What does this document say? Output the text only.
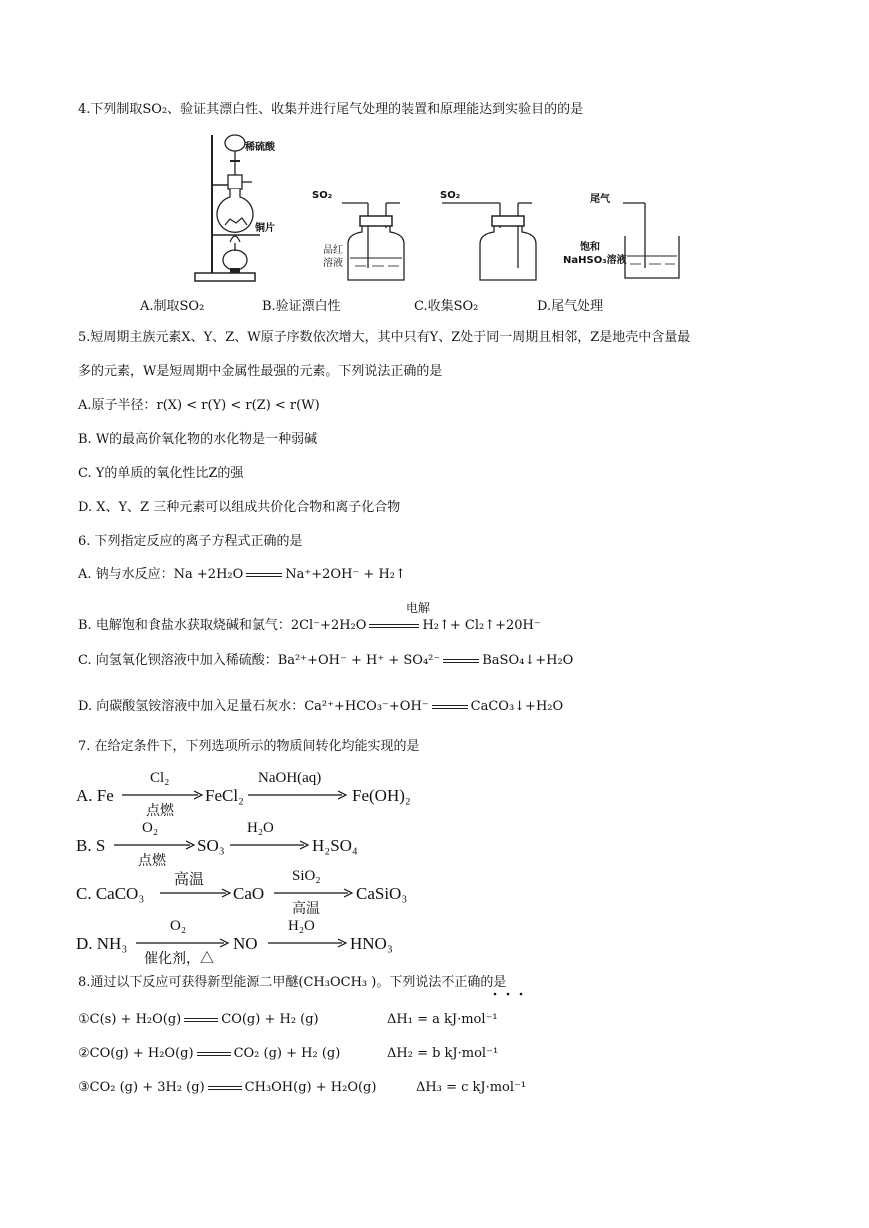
4.下列制取SO₂、验证其漂白性、收集并进行尾气处理的装置和原理能达到实验目的的是
稀硫酸
铜片
SO₂
品红
溶液
SO₂	尾气
饱和
NaHSO₃溶液
A.制取SO₂	B.验证漂白性	C.收集SO₂	D.尾气处理
5.短周期主族元素X、Y、Z、W原子序数依次增大，其中只有Y、Z处于同一周期且相邻，Z是地壳中含量最
多的元素，W是短周期中金属性最强的元素。下列说法正确的是
A.原子半径：r(X) < r(Y) < r(Z) < r(W)
B. W的最高价氧化物的水化物是一种弱碱
C. Y的单质的氧化性比Z的强
D. X、Y、Z 三种元素可以组成共价化合物和离子化合物
6. 下列指定反应的离子方程式正确的是
A. 钠与水反应：Na +2H₂O	Na⁺+2OH⁻ + H₂↑
电解
B. 电解饱和食盐水获取烧碱和氯气：2Cl⁻+2H₂O	H₂↑+ Cl₂↑+20H⁻
C. 向氢氧化钡溶液中加入稀硫酸：Ba²⁺+OH⁻ + H⁺ + SO₄²⁻	BaSO₄↓+H₂O
D. 向碳酸氢铵溶液中加入足量石灰水：Ca²⁺+HCO₃⁻+OH⁻	CaCO₃↓+H₂O
7. 在给定条件下，下列选项所示的物质间转化均能实现的是
A. Fe
Cl₂
点燃
FeCl₂
NaOH(aq)
Fe(OH)₂
B. S
O₂
点燃
SO₃
H₂O
H₂SO₄
C. CaCO₃
高温
CaO
SiO₂
高温
CaSiO₃
D. NH₃
O₂
催化剂，△
NO
H₂O
HNO₃
8.通过以下反应可获得新型能源二甲醚(CH₃OCH₃ )。下列说法不正确的是
①C(s) + H₂O(g)	CO(g) + H₂ (g)	ΔH₁ = a kJ·mol⁻¹
②CO(g) + H₂O(g)	CO₂ (g) + H₂ (g)	ΔH₂ = b kJ·mol⁻¹
③CO₂ (g) + 3H₂ (g)	CH₃OH(g) + H₂O(g)	ΔH₃ = c kJ·mol⁻¹
